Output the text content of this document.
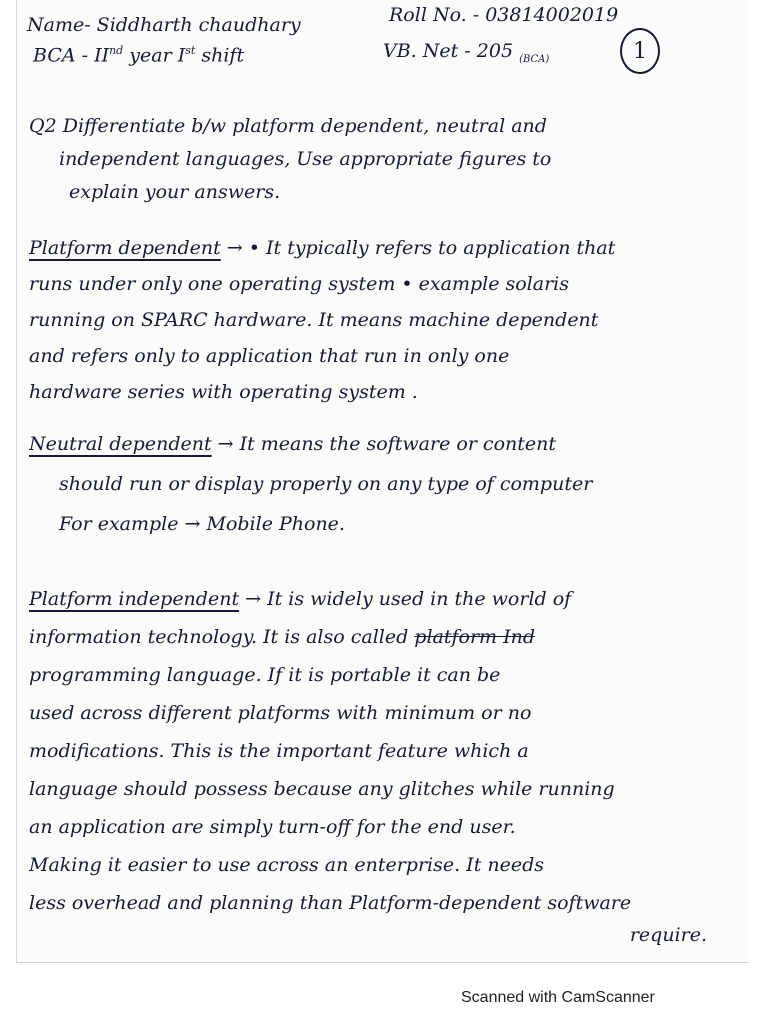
Name- Siddharth chaudhary	Roll No. - 03814002019
BCA - IInd year Ist shift	VB. Net - 205 $_{(BCA)}$	1
Q2 Differentiate b/w platform dependent, neutral and
independent languages, Use appropriate figures to
explain your answers.
Platform dependent → • It typically refers to application that
runs under only one operating system • example solaris
running on SPARC hardware. It means machine dependent
and refers only to application that run in only one
hardware series with operating system .
Neutral dependent → It means the software or content
should run or display properly on any type of computer
For example → Mobile Phone.
Platform independent → It is widely used in the world of
information technology. It is also called platform Ind
programming language. If it is portable it can be
used across different platforms with minimum or no
modifications. This is the important feature which a
language should possess because any glitches while running
an application are simply turn-off for the end user.
Making it easier to use across an enterprise. It needs
less overhead and planning than Platform-dependent software
require.
Scanned with CamScanner
